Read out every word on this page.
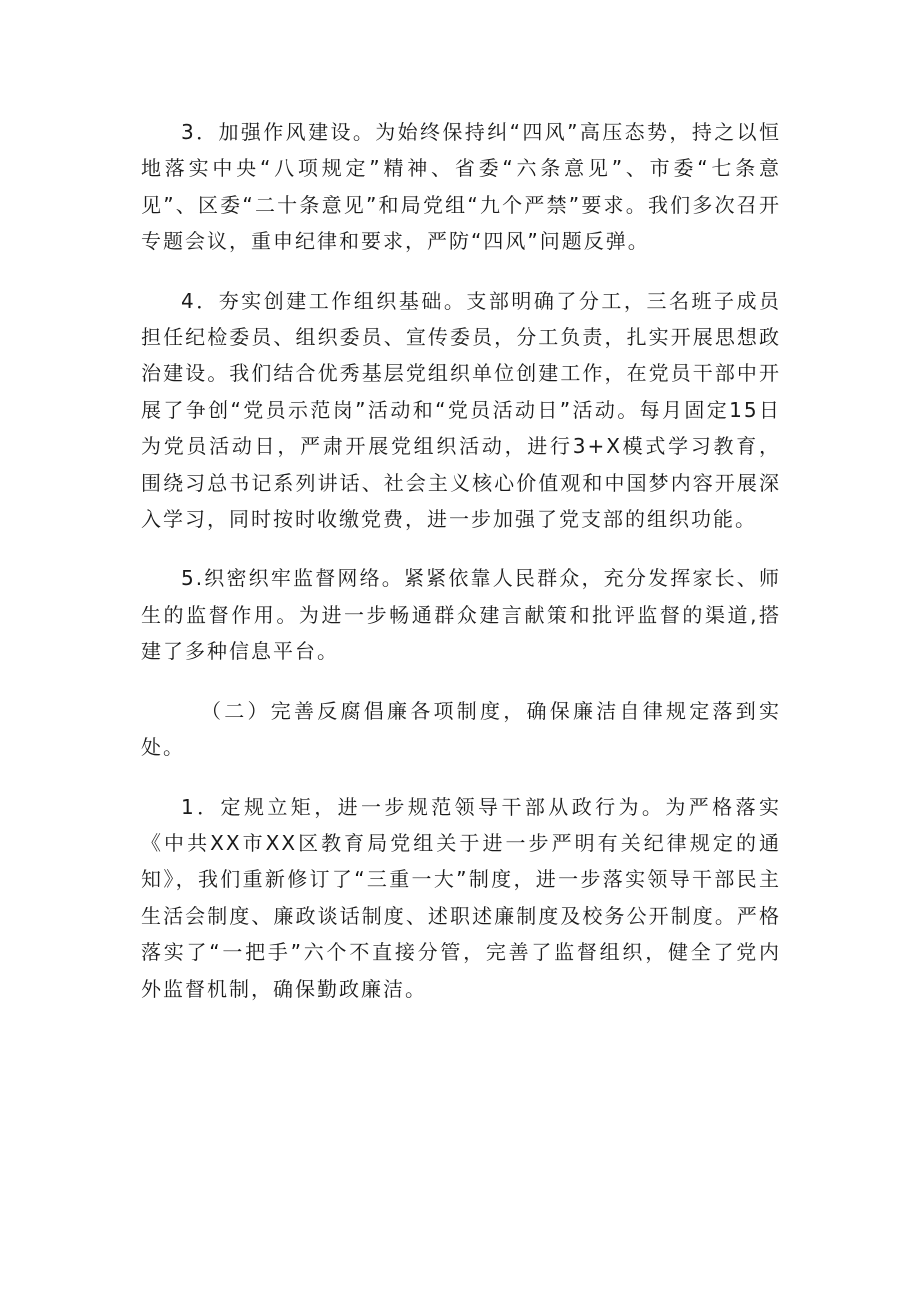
3．加强作风建设。为始终保持纠“四风”高压态势，持之以恒地落实中央“八项规定”精神、省委“六条意见”、市委“七条意见”、区委“二十条意见”和局党组“九个严禁”要求。我们多次召开专题会议，重申纪律和要求，严防“四风”问题反弹。

4．夯实创建工作组织基础。支部明确了分工，三名班子成员担任纪检委员、组织委员、宣传委员，分工负责，扎实开展思想政治建设。我们结合优秀基层党组织单位创建工作，在党员干部中开展了争创“党员示范岗”活动和“党员活动日”活动。每月固定15日为党员活动日，严肃开展党组织活动，进行3+X模式学习教育，围绕习总书记系列讲话、社会主义核心价值观和中国梦内容开展深入学习，同时按时收缴党费，进一步加强了党支部的组织功能。

5.织密织牢监督网络。紧紧依靠人民群众，充分发挥家长、师生的监督作用。为进一步畅通群众建言献策和批评监督的渠道,搭建了多种信息平台。

（二）完善反腐倡廉各项制度，确保廉洁自律规定落到实处。

1．定规立矩，进一步规范领导干部从政行为。为严格落实《中共XX市XX区教育局党组关于进一步严明有关纪律规定的通知》，我们重新修订了“三重一大”制度，进一步落实领导干部民主生活会制度、廉政谈话制度、述职述廉制度及校务公开制度。严格落实了“一把手”六个不直接分管，完善了监督组织，健全了党内外监督机制，确保勤政廉洁。
